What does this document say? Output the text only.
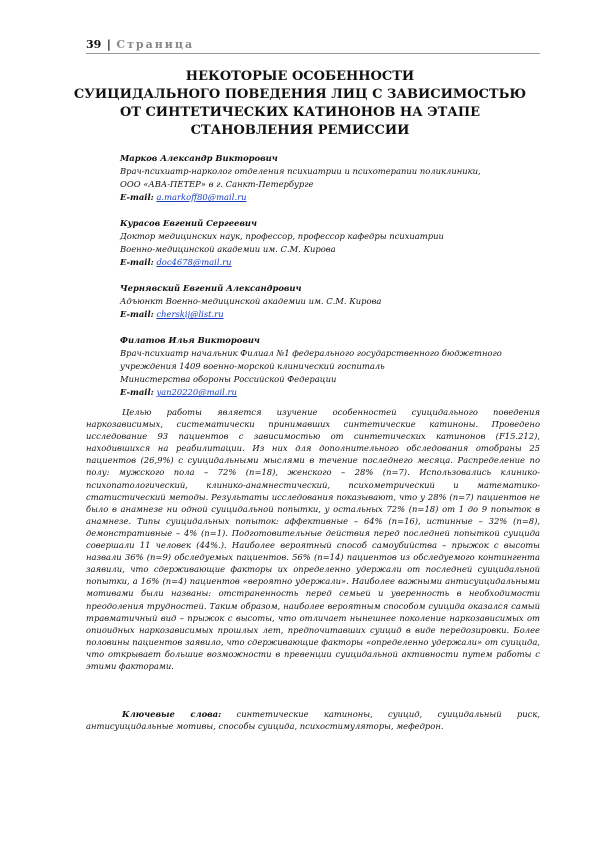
39 | Страница
НЕКОТОРЫЕ ОСОБЕННОСТИ
СУИЦИДАЛЬНОГО ПОВЕДЕНИЯ ЛИЦ С ЗАВИСИМОСТЬЮ
ОТ СИНТЕТИЧЕСКИХ КАТИНОНОВ НА ЭТАПЕ
СТАНОВЛЕНИЯ РЕМИССИИ
Марков Александр Викторович
Врач-психиатр-нарколог отделения психиатрии и психотерапии поликлиники,
ООО «АВА-ПЕТЕР» в г. Санкт-Петербурге
E-mail: a.markoff80@mail.ru
Курасов Евгений Сергеевич
Доктор медицинских наук, профессор, профессор кафедры психиатрии
Военно-медицинской академии им. С.М. Кирова
E-mail: doc4678@mail.ru
Чернявский Евгений Александрович
Адъюнкт Военно-медицинской академии им. С.М. Кирова
E-mail: cherskij@list.ru
Филатов Илья Викторович
Врач-психиатр начальник Филиал №1 федерального государственного бюджетного
учреждения 1409 военно-морской клинический госпиталь
Министерства обороны Российской Федерации
E-mail: yan20220@mail.ru

Целью работы является изучение особенностей суицидального поведения наркозависимых, систематически принимавших синтетические катиноны. Проведено исследование 93 пациентов с зависимостью от синтетических катинонов (F15.212), находившихся на реабилитации. Из них для дополнительного обследования отобраны 25 пациентов (26,9%) с суицидальными мыслями в течение последнего месяца. Распределение по полу: мужского пола – 72% (n=18), женского – 28% (n=7). Использовались клинико-психопатологический, клинико-анамнестический, психометрический и математико-статистический методы. Результаты исследования показывают, что у 28% (n=7) пациентов не было в анамнезе ни одной суицидальной попытки, у остальных 72% (n=18) от 1 до 9 попыток в анамнезе. Типы суицидальных попыток: аффективные – 64% (n=16), истинные – 32% (n=8), демонстративные – 4% (n=1). Подготовительные действия перед последней попыткой суицида совершали 11 человек (44%.). Наиболее вероятный способ самоубийства – прыжок с высоты назвали 36% (n=9) обследуемых пациентов. 56% (n=14) пациентов из обследуемого контингента заявили, что сдерживающие факторы их определенно удержали от последней суицидальной попытки, а 16% (n=4) пациентов «вероятно удержали». Наиболее важными антисуицидальными мотивами были названы: отстраненность перед семьей и уверенность в необходимости преодоления трудностей. Таким образом, наиболее вероятным способом суицида оказался самый травматичный вид – прыжок с высоты, что отличает нынешнее поколение наркозависимых от опиоидных наркозависимых прошлых лет, предпочитавших суицид в виде передозировки. Более половины пациентов заявило, что сдерживающие факторы «определенно удержали» от суицида, что открывает большие возможности в превенции суицидальной активности путем работы с этими факторами.

Ключевые слова: синтетические катиноны, суицид, суицидальный риск, антисуицидальные мотивы, способы суицида, психостимуляторы, мефедрон.
